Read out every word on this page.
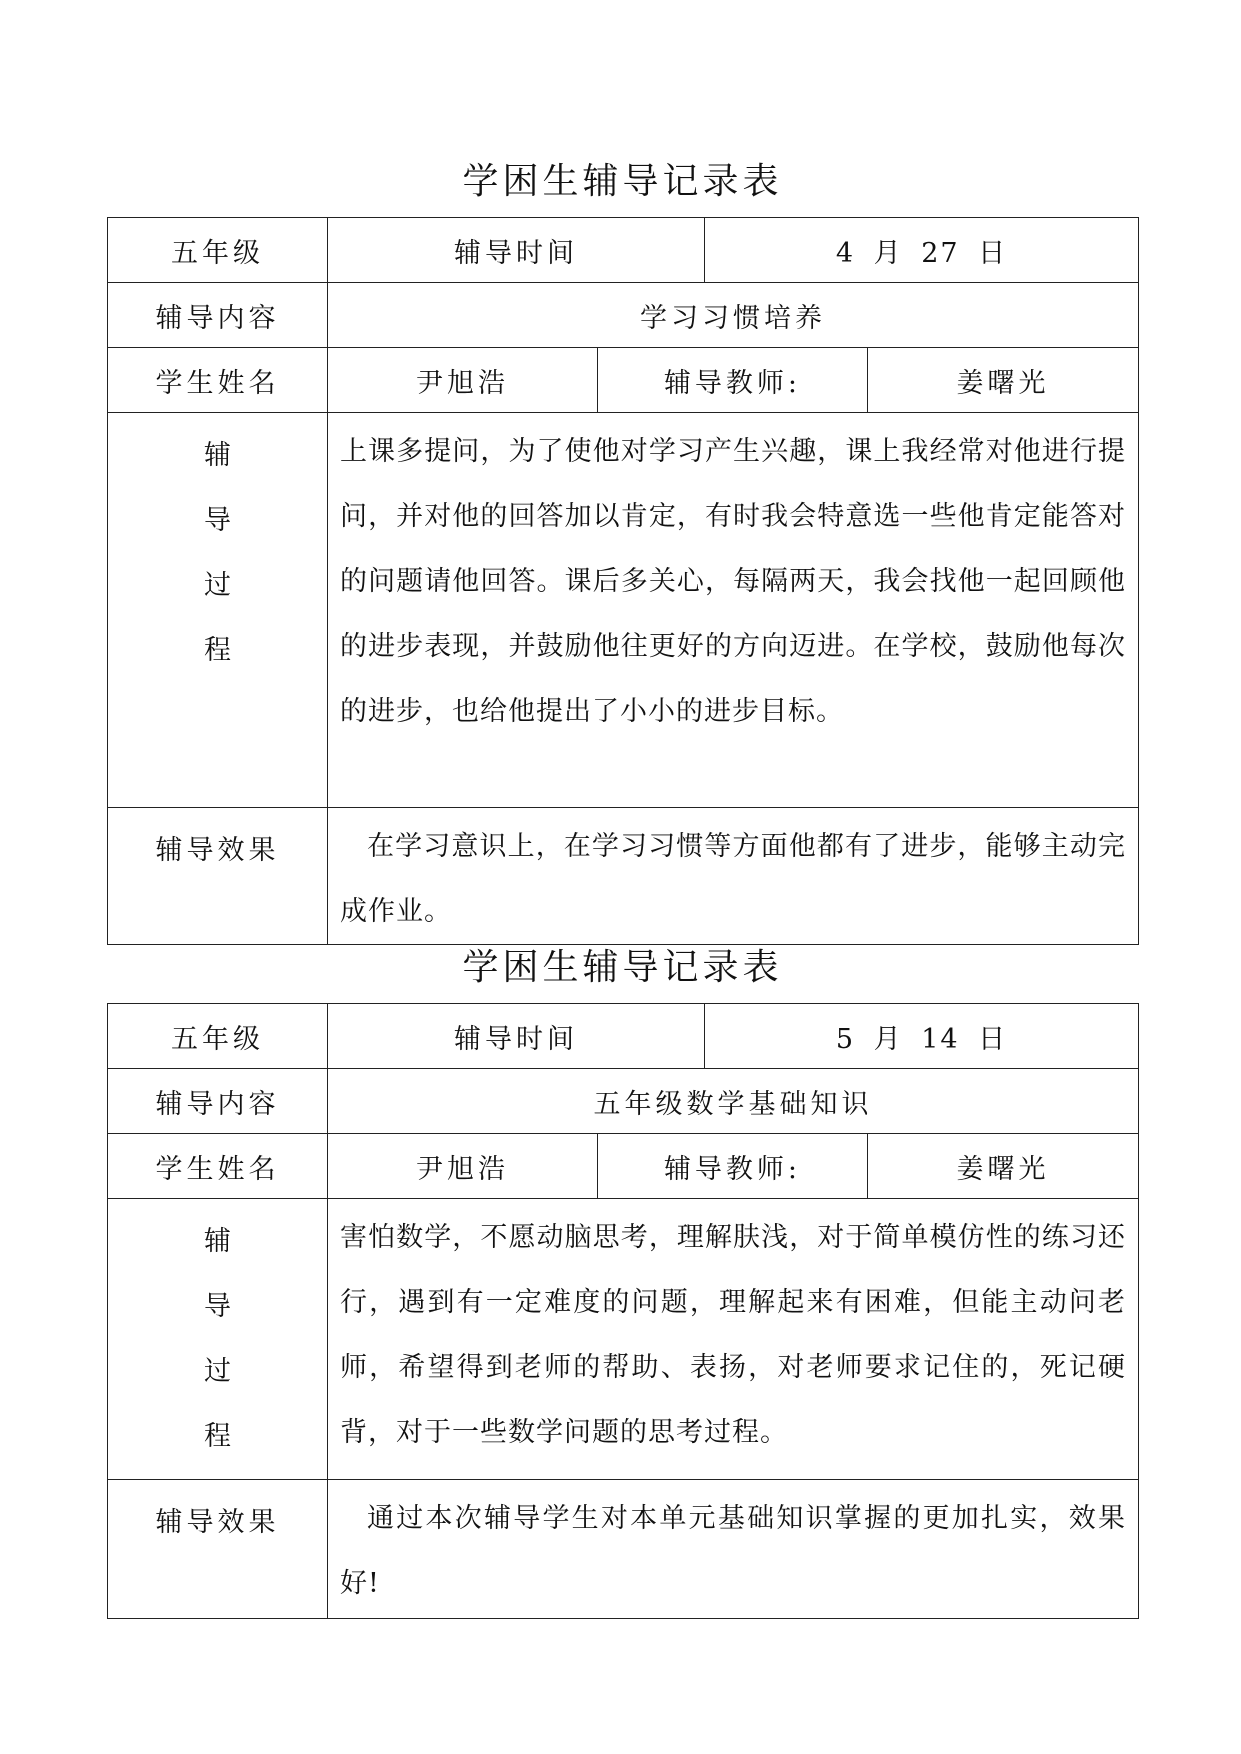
学困生辅导记录表
五年级	辅导时间		4 月 27 日	
辅导内容	学习习惯培养			
学生姓名	尹旭浩	辅导教师:		姜曙光

辅
导
过
程	上课多提问，为了使他对学习产生兴趣，课上我经常对他进行提问，并对他的回答加以肯定，有时我会特意选一些他肯定能答对的问题请他回答。课后多关心，每隔两天，我会找他一起回顾他的进步表现，并鼓励他往更好的方向迈进。在学校，鼓励他每次的进步，也给他提出了小小的进步目标。			

辅导效果	在学习意识上，在学习习惯等方面他都有了进步，能够主动完成作业。			
学困生辅导记录表
五年级	辅导时间		5 月 14 日	
辅导内容	五年级数学基础知识			
学生姓名	尹旭浩	辅导教师:		姜曙光

辅
导
过
程	害怕数学，不愿动脑思考，理解肤浅，对于简单模仿性的练习还行，遇到有一定难度的问题，理解起来有困难，但能主动问老师，希望得到老师的帮助、表扬，对老师要求记住的，死记硬背，对于一些数学问题的思考过程。			

辅导效果	通过本次辅导学生对本单元基础知识掌握的更加扎实，效果好!			
